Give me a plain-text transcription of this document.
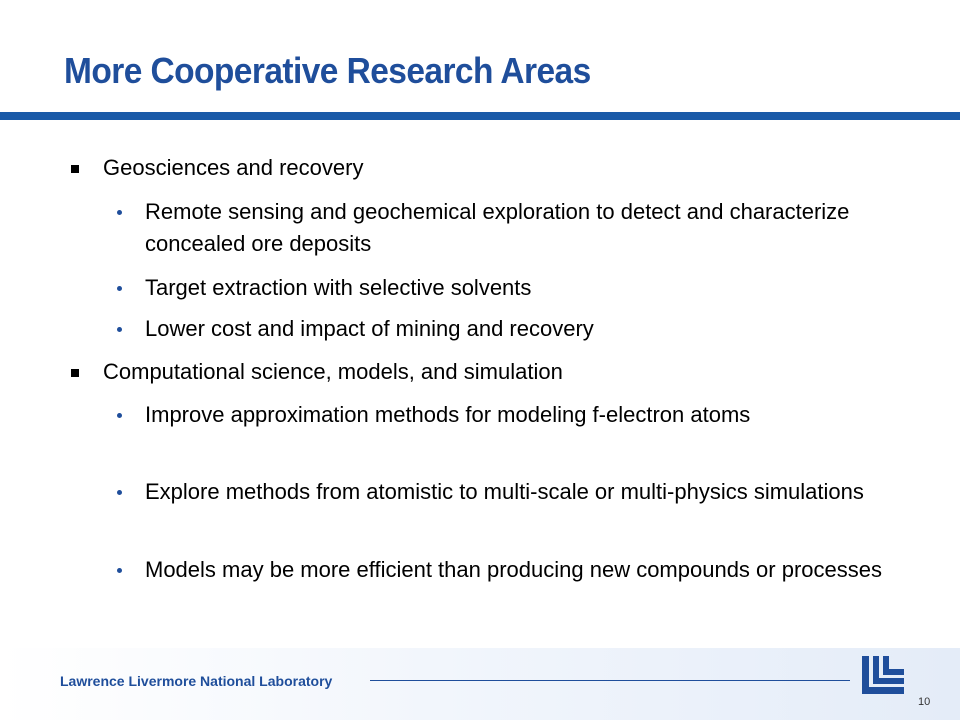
More Cooperative Research Areas
Geosciences and recovery
Remote sensing and geochemical exploration to detect and characterize concealed ore deposits
Target extraction with selective solvents
Lower cost and impact of mining and recovery
Computational science, models, and simulation
Improve approximation methods for modeling f-electron atoms
Explore methods from atomistic to multi-scale or multi-physics simulations
Models may be more efficient than producing new compounds or processes
Lawrence Livermore National Laboratory
10
